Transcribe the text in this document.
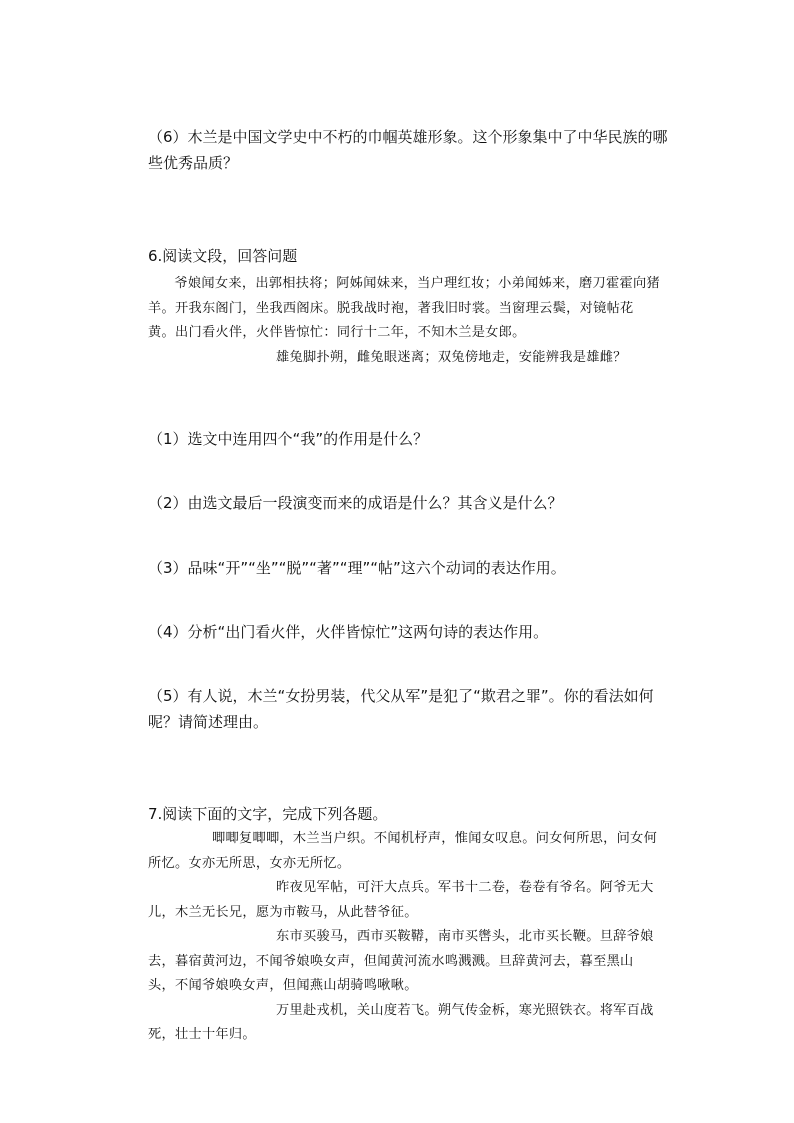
（6）木兰是中国文学史中不朽的巾帼英雄形象。这个形象集中了中华民族的哪些优秀品质？

6.阅读文段，回答问题

爷娘闻女来，出郭相扶将；阿姊闻妹来，当户理红妆；小弟闻姊来，磨刀霍霍向猪羊。开我东阁门，坐我西阁床。脱我战时袍，著我旧时裳。当窗理云鬓，对镜帖花黄。出门看火伴，火伴皆惊忙：同行十二年，不知木兰是女郎。

雄兔脚扑朔，雌兔眼迷离；双兔傍地走，安能辨我是雄雌？

（1）选文中连用四个“我”的作用是什么？

（2）由选文最后一段演变而来的成语是什么？其含义是什么？

（3）品味“开”“坐”“脱”“著”“理”“帖”这六个动词的表达作用。

（4）分析“出门看火伴，火伴皆惊忙”这两句诗的表达作用。

（5）有人说，木兰“女扮男装，代父从军”是犯了“欺君之罪”。你的看法如何呢？请简述理由。

7.阅读下面的文字，完成下列各题。

唧唧复唧唧，木兰当户织。不闻机杼声，惟闻女叹息。问女何所思，问女何所忆。女亦无所思，女亦无所忆。

昨夜见军帖，可汗大点兵。军书十二卷，卷卷有爷名。阿爷无大儿，木兰无长兄，愿为市鞍马，从此替爷征。

东市买骏马，西市买鞍鞯，南市买辔头，北市买长鞭。旦辞爷娘去，暮宿黄河边，不闻爷娘唤女声，但闻黄河流水鸣溅溅。旦辞黄河去，暮至黑山头，不闻爷娘唤女声，但闻燕山胡骑鸣啾啾。

万里赴戎机，关山度若飞。朔气传金柝，寒光照铁衣。将军百战死，壮士十年归。
